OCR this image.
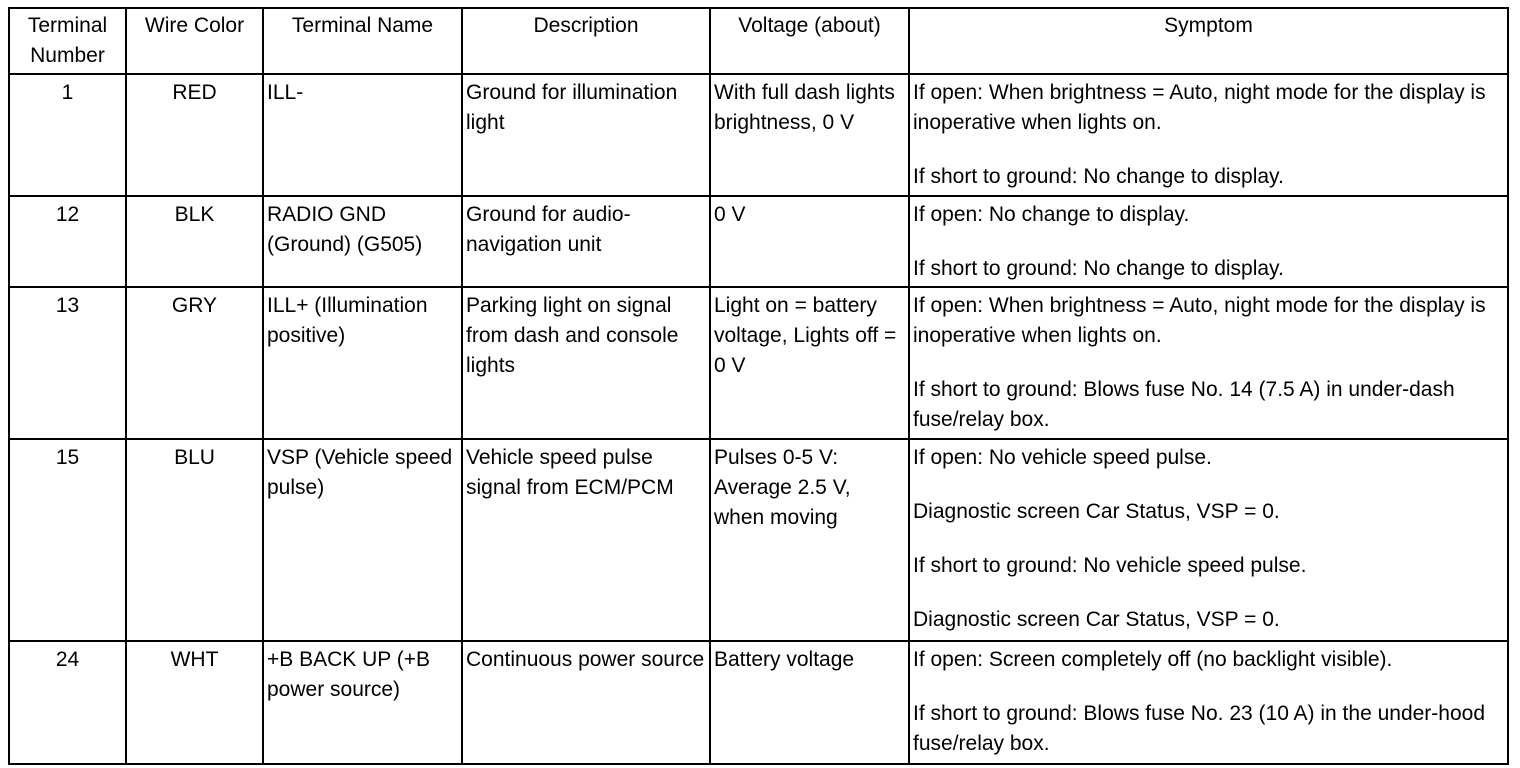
Terminal Number	Wire Color	Terminal Name	Description	Voltage (about)	Symptom
1	RED	ILL-	Ground for illumination light	With full dash lights brightness, 0 V	If open: When brightness = Auto, night mode for the display is inoperative when lights on.
If short to ground: No change to display.

12	BLK	RADIO GND (Ground) (G505)	Ground for audio-navigation unit	0 V	If open: No change to display.
If short to ground: No change to display.

13	GRY	ILL+ (Illumination positive)	Parking light on signal from dash and console lights	Light on = battery voltage, Lights off = 0 V	If open: When brightness = Auto, night mode for the display is inoperative when lights on.
If short to ground: Blows fuse No. 14 (7.5 A) in under-dash fuse/relay box.

15	BLU	VSP (Vehicle speed pulse)	Vehicle speed pulse signal from ECM/PCM	Pulses 0-5 V: Average 2.5 V, when moving	If open: No vehicle speed pulse.
Diagnostic screen Car Status, VSP = 0.
If short to ground: No vehicle speed pulse.
Diagnostic screen Car Status, VSP = 0.

24	WHT	+B BACK UP (+B power source)	Continuous power source	Battery voltage	If open: Screen completely off (no backlight visible).
If short to ground: Blows fuse No. 23 (10 A) in the under-hood fuse/relay box.
